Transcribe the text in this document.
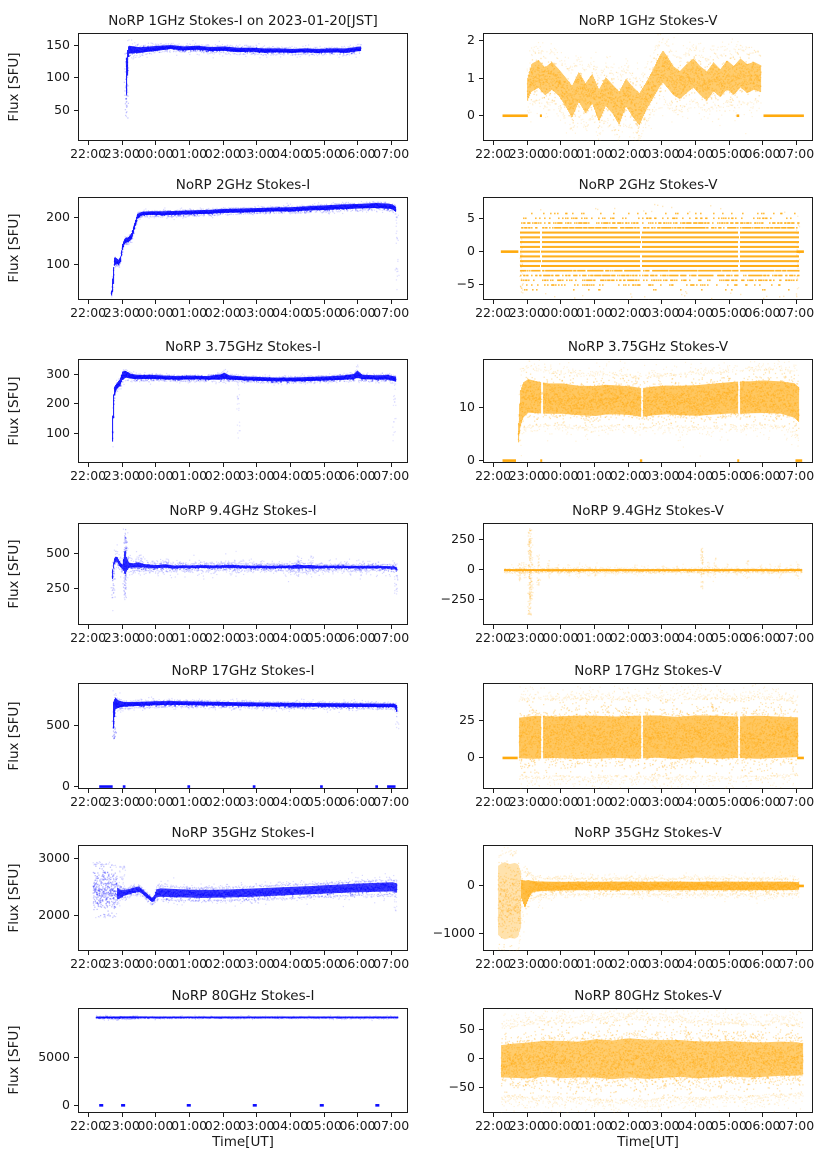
NoRP 1GHz Stokes-I on 2023-01-20[JST]
50
100
150
22:00
23:00
00:00
01:00
02:00
03:00
04:00
05:00
06:00
07:00
Flux [SFU]
NoRP 1GHz Stokes-V
0
1
2
22:00
23:00
00:00
01:00
02:00
03:00
04:00
05:00
06:00
07:00
NoRP 2GHz Stokes-I
100
200
22:00
23:00
00:00
01:00
02:00
03:00
04:00
05:00
06:00
07:00
Flux [SFU]
NoRP 2GHz Stokes-V
−5
0
5
22:00
23:00
00:00
01:00
02:00
03:00
04:00
05:00
06:00
07:00
NoRP 3.75GHz Stokes-I
100
200
300
22:00
23:00
00:00
01:00
02:00
03:00
04:00
05:00
06:00
07:00
Flux [SFU]
NoRP 3.75GHz Stokes-V
0
10
22:00
23:00
00:00
01:00
02:00
03:00
04:00
05:00
06:00
07:00
NoRP 9.4GHz Stokes-I
250
500
22:00
23:00
00:00
01:00
02:00
03:00
04:00
05:00
06:00
07:00
Flux [SFU]
NoRP 9.4GHz Stokes-V
−250
0
250
22:00
23:00
00:00
01:00
02:00
03:00
04:00
05:00
06:00
07:00
NoRP 17GHz Stokes-I
0
500
22:00
23:00
00:00
01:00
02:00
03:00
04:00
05:00
06:00
07:00
Flux [SFU]
NoRP 17GHz Stokes-V
0
25
22:00
23:00
00:00
01:00
02:00
03:00
04:00
05:00
06:00
07:00
NoRP 35GHz Stokes-I
2000
3000
22:00
23:00
00:00
01:00
02:00
03:00
04:00
05:00
06:00
07:00
Flux [SFU]
NoRP 35GHz Stokes-V
−1000
0
22:00
23:00
00:00
01:00
02:00
03:00
04:00
05:00
06:00
07:00
NoRP 80GHz Stokes-I
0
5000
22:00
23:00
00:00
01:00
02:00
03:00
04:00
05:00
06:00
07:00
Flux [SFU]
Time[UT]
NoRP 80GHz Stokes-V
−50
0
50
22:00
23:00
00:00
01:00
02:00
03:00
04:00
05:00
06:00
07:00
Time[UT]
